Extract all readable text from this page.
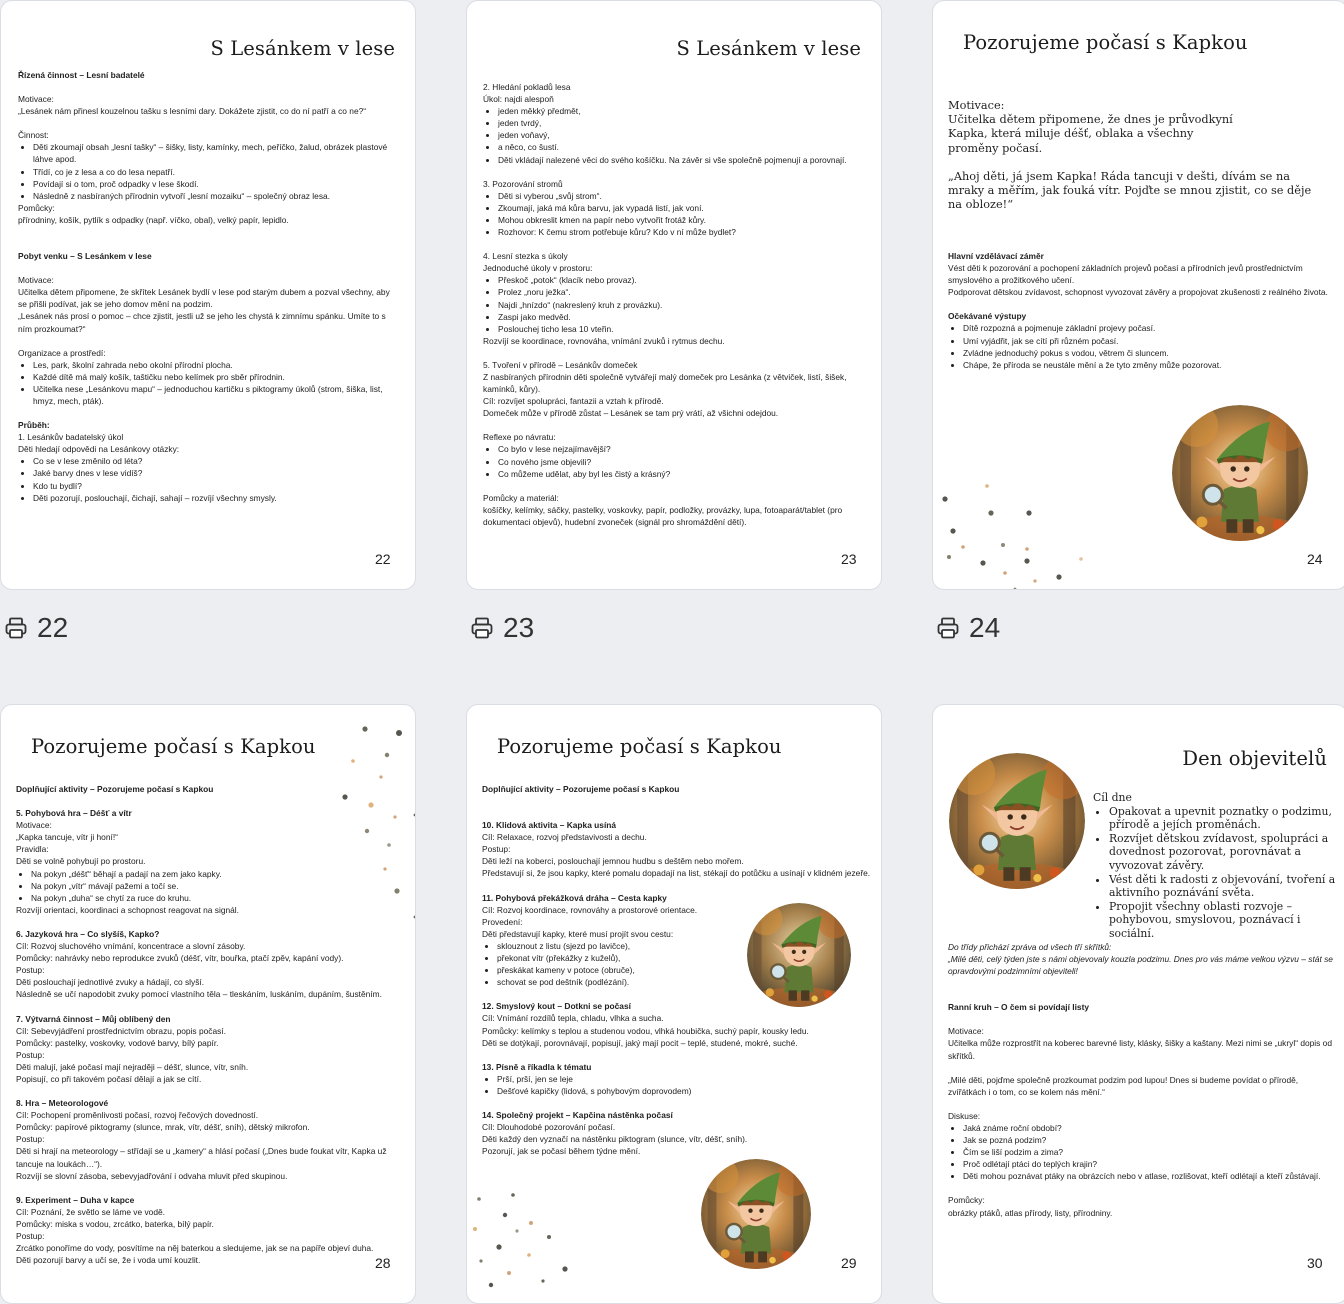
S Lesánkem v lese
Řízená činnost – Lesní badatelé
Motivace:
„Lesánek nám přinesl kouzelnou tašku s lesními dary. Dokážete zjistit, co do ní patří a co ne?“
Činnost:
• Děti zkoumají obsah „lesní tašky“ – šišky, listy, kamínky, mech, peříčko, žalud, obrázek plastové láhve apod.
• Třídí, co je z lesa a co do lesa nepatří.
• Povídají si o tom, proč odpadky v lese škodí.
• Následně z nasbíraných přírodnin vytvoří „lesní mozaiku“ – společný obraz lesa.
Pomůcky:
přírodniny, košík, pytlík s odpadky (např. víčko, obal), velký papír, lepidlo.
Pobyt venku – S Lesánkem v lese
Motivace:
Učitelka dětem připomene, že skřítek Lesánek bydlí v lese pod starým dubem a pozval všechny, aby se přišli podívat, jak se jeho domov mění na podzim.
„Lesánek nás prosí o pomoc – chce zjistit, jestli už se jeho les chystá k zimnímu spánku. Umíte to s ním prozkoumat?“
Organizace a prostředí:
• Les, park, školní zahrada nebo okolní přírodní plocha.
• Každé dítě má malý košík, taštičku nebo kelímek pro sběr přírodnin.
• Učitelka nese „Lesánkovu mapu“ – jednoduchou kartičku s piktogramy úkolů (strom, šiška, list, hmyz, mech, pták).
Průběh:
1. Lesánkův badatelský úkol
Děti hledají odpovědi na Lesánkovy otázky:
• Co se v lese změnilo od léta?
• Jaké barvy dnes v lese vidíš?
• Kdo tu bydlí?
• Děti pozorují, poslouchají, čichají, sahají – rozvíjí všechny smysly.
22
22
S Lesánkem v lese
2. Hledání pokladů lesa
Úkol: najdi alespoň
• jeden měkký předmět,
• jeden tvrdý,
• jeden voňavý,
• a něco, co šustí.
• Děti vkládají nalezené věci do svého košíčku. Na závěr si vše společně pojmenují a porovnají.
3. Pozorování stromů
• Děti si vyberou „svůj strom“.
• Zkoumají, jaká má kůra barvu, jak vypadá listí, jak voní.
• Mohou obkreslit kmen na papír nebo vytvořit frotáž kůry.
• Rozhovor: K čemu strom potřebuje kůru? Kdo v ní může bydlet?
4. Lesní stezka s úkoly
Jednoduché úkoly v prostoru:
• Přeskoč „potok“ (klacík nebo provaz).
• Prolez „noru ježka“.
• Najdi „hnízdo“ (nakreslený kruh z provázku).
• Zaspi jako medvěd.
• Poslouchej ticho lesa 10 vteřin.
Rozvíjí se koordinace, rovnováha, vnímání zvuků i rytmus dechu.
5. Tvoření v přírodě – Lesánkův domeček
Z nasbíraných přírodnin děti společně vytvářejí malý domeček pro Lesánka (z větviček, listí, šišek, kamínků, kůry).
Cíl: rozvíjet spolupráci, fantazii a vztah k přírodě.
Domeček může v přírodě zůstat – Lesánek se tam prý vrátí, až všichni odejdou.
Reflexe po návratu:
• Co bylo v lese nejzajímavější?
• Co nového jsme objevili?
• Co můžeme udělat, aby byl les čistý a krásný?
Pomůcky a materiál:
košíčky, kelímky, sáčky, pastelky, voskovky, papír, podložky, provázky, lupa, fotoaparát/tablet (pro dokumentaci objevů), hudební zvoneček (signál pro shromáždění dětí).
23
23
Pozorujeme počasí s Kapkou
Motivace:
Učitelka dětem připomene, že dnes je průvodkyní
Kapka, která miluje déšť, oblaka a všechny
proměny počasí.
„Ahoj děti, já jsem Kapka! Ráda tancuji v dešti, dívám se na mraky a měřím, jak fouká vítr. Pojďte se mnou zjistit, co se děje na obloze!“
Hlavní vzdělávací záměr
Vést děti k pozorování a pochopení základních projevů počasí a přírodních jevů prostřednictvím smyslového a prožitkového učení.
Podporovat dětskou zvídavost, schopnost vyvozovat závěry a propojovat zkušenosti z reálného života.
Očekávané výstupy
• Dítě rozpozná a pojmenuje základní projevy počasí.
• Umí vyjádřit, jak se cítí při různém počasí.
• Zvládne jednoduchý pokus s vodou, větrem či sluncem.
• Chápe, že příroda se neustále mění a že tyto změny může pozorovat.
24
24
Pozorujeme počasí s Kapkou
Doplňující aktivity – Pozorujeme počasí s Kapkou
5. Pohybová hra – Déšť a vítr
Motivace:
„Kapka tancuje, vítr ji honí!“
Pravidla:
Děti se volně pohybují po prostoru.
• Na pokyn „déšť“ běhají a padají na zem jako kapky.
• Na pokyn „vítr“ mávají pažemi a točí se.
• Na pokyn „duha“ se chytí za ruce do kruhu.
Rozvíjí orientaci, koordinaci a schopnost reagovat na signál.
6. Jazyková hra – Co slyšíš, Kapko?
Cíl: Rozvoj sluchového vnímání, koncentrace a slovní zásoby.
Pomůcky: nahrávky nebo reprodukce zvuků (déšť, vítr, bouřka, ptačí zpěv, kapání vody).
Postup:
Děti poslouchají jednotlivé zvuky a hádají, co slyší.
Následně se učí napodobit zvuky pomocí vlastního těla – tleskáním, luskáním, dupáním, šustěním.
7. Výtvarná činnost – Můj oblíbený den
Cíl: Sebevyjádření prostřednictvím obrazu, popis počasí.
Pomůcky: pastelky, voskovky, vodové barvy, bílý papír.
Postup:
Děti malují, jaké počasí mají nejraději – déšť, slunce, vítr, sníh.
Popisují, co při takovém počasí dělají a jak se cítí.
8. Hra – Meteorologové
Cíl: Pochopení proměnlivosti počasí, rozvoj řečových dovedností.
Pomůcky: papírové piktogramy (slunce, mrak, vítr, déšť, sníh), dětský mikrofon.
Postup:
Děti si hrají na meteorology – střídají se u „kamery“ a hlásí počasí („Dnes bude foukat vítr, Kapka už tancuje na loukách…“).
Rozvíjí se slovní zásoba, sebevyjadřování i odvaha mluvit před skupinou.
9. Experiment – Duha v kapce
Cíl: Poznání, že světlo se láme ve vodě.
Pomůcky: miska s vodou, zrcátko, baterka, bílý papír.
Postup:
Zrcátko ponoříme do vody, posvítíme na něj baterkou a sledujeme, jak se na papíře objeví duha.
Děti pozorují barvy a učí se, že i voda umí kouzlit.	28
Pozorujeme počasí s Kapkou
Doplňující aktivity – Pozorujeme počasí s Kapkou
10. Klidová aktivita – Kapka usíná
Cíl: Relaxace, rozvoj představivosti a dechu.
Postup:
Děti leží na koberci, poslouchají jemnou hudbu s deštěm nebo mořem.
Představují si, že jsou kapky, které pomalu dopadají na list, stékají do potůčku a usínají v klidném jezeře.
11. Pohybová překážková dráha – Cesta kapky
Cíl: Rozvoj koordinace, rovnováhy a prostorové orientace.
Provedení:
Děti představují kapky, které musí projít svou cestu:
• sklouznout z listu (sjezd po lavičce),
• překonat vítr (překážky z kuželů),
• přeskákat kameny v potoce (obruče),
• schovat se pod deštník (podlézání).
12. Smyslový kout – Dotkni se počasí
Cíl: Vnímání rozdílů tepla, chladu, vlhka a sucha.
Pomůcky: kelímky s teplou a studenou vodou, vlhká houbička, suchý papír, kousky ledu.
Děti se dotýkají, porovnávají, popisují, jaký mají pocit – teplé, studené, mokré, suché.
13. Písně a říkadla k tématu
• Prší, prší, jen se leje
• Dešťové kapičky (lidová, s pohybovým doprovodem)
14. Společný projekt – Kapčina nástěnka počasí
Cíl: Dlouhodobé pozorování počasí.
Děti každý den vyznačí na nástěnku piktogram (slunce, vítr, déšť, sníh).
Pozorují, jak se počasí během týdne mění.
29
Den objevitelů
Cíl dne
• Opakovat a upevnit poznatky o podzimu, přírodě a jejích proměnách.
• Rozvíjet dětskou zvídavost, spolupráci a dovednost pozorovat, porovnávat a vyvozovat závěry.
• Vést děti k radosti z objevování, tvoření a aktivního poznávání světa.
• Propojit všechny oblasti rozvoje – pohybovou, smyslovou, poznávací i sociální.
Do třídy přichází zpráva od všech tří skřítků:
„Milé děti, celý týden jste s námi objevovaly kouzla podzimu. Dnes pro vás máme velkou výzvu – stát se opravdovými podzimními objeviteli!
Ranní kruh – O čem si povídají listy
Motivace:
Učitelka může rozprostřít na koberec barevné listy, klásky, šišky a kaštany. Mezi nimi se „ukryl“ dopis od skřítků.
„Milé děti, pojďme společně prozkoumat podzim pod lupou! Dnes si budeme povídat o přírodě, zvířátkách i o tom, co se kolem nás mění.“
Diskuse:
• Jaká známe roční období?
• Jak se pozná podzim?
• Čím se liší podzim a zima?
• Proč odlétají ptáci do teplých krajin?
• Děti mohou poznávat ptáky na obrázcích nebo v atlase, rozlišovat, kteří odlétají a kteří zůstávají.
Pomůcky:
obrázky ptáků, atlas přírody, listy, přírodniny.
30
